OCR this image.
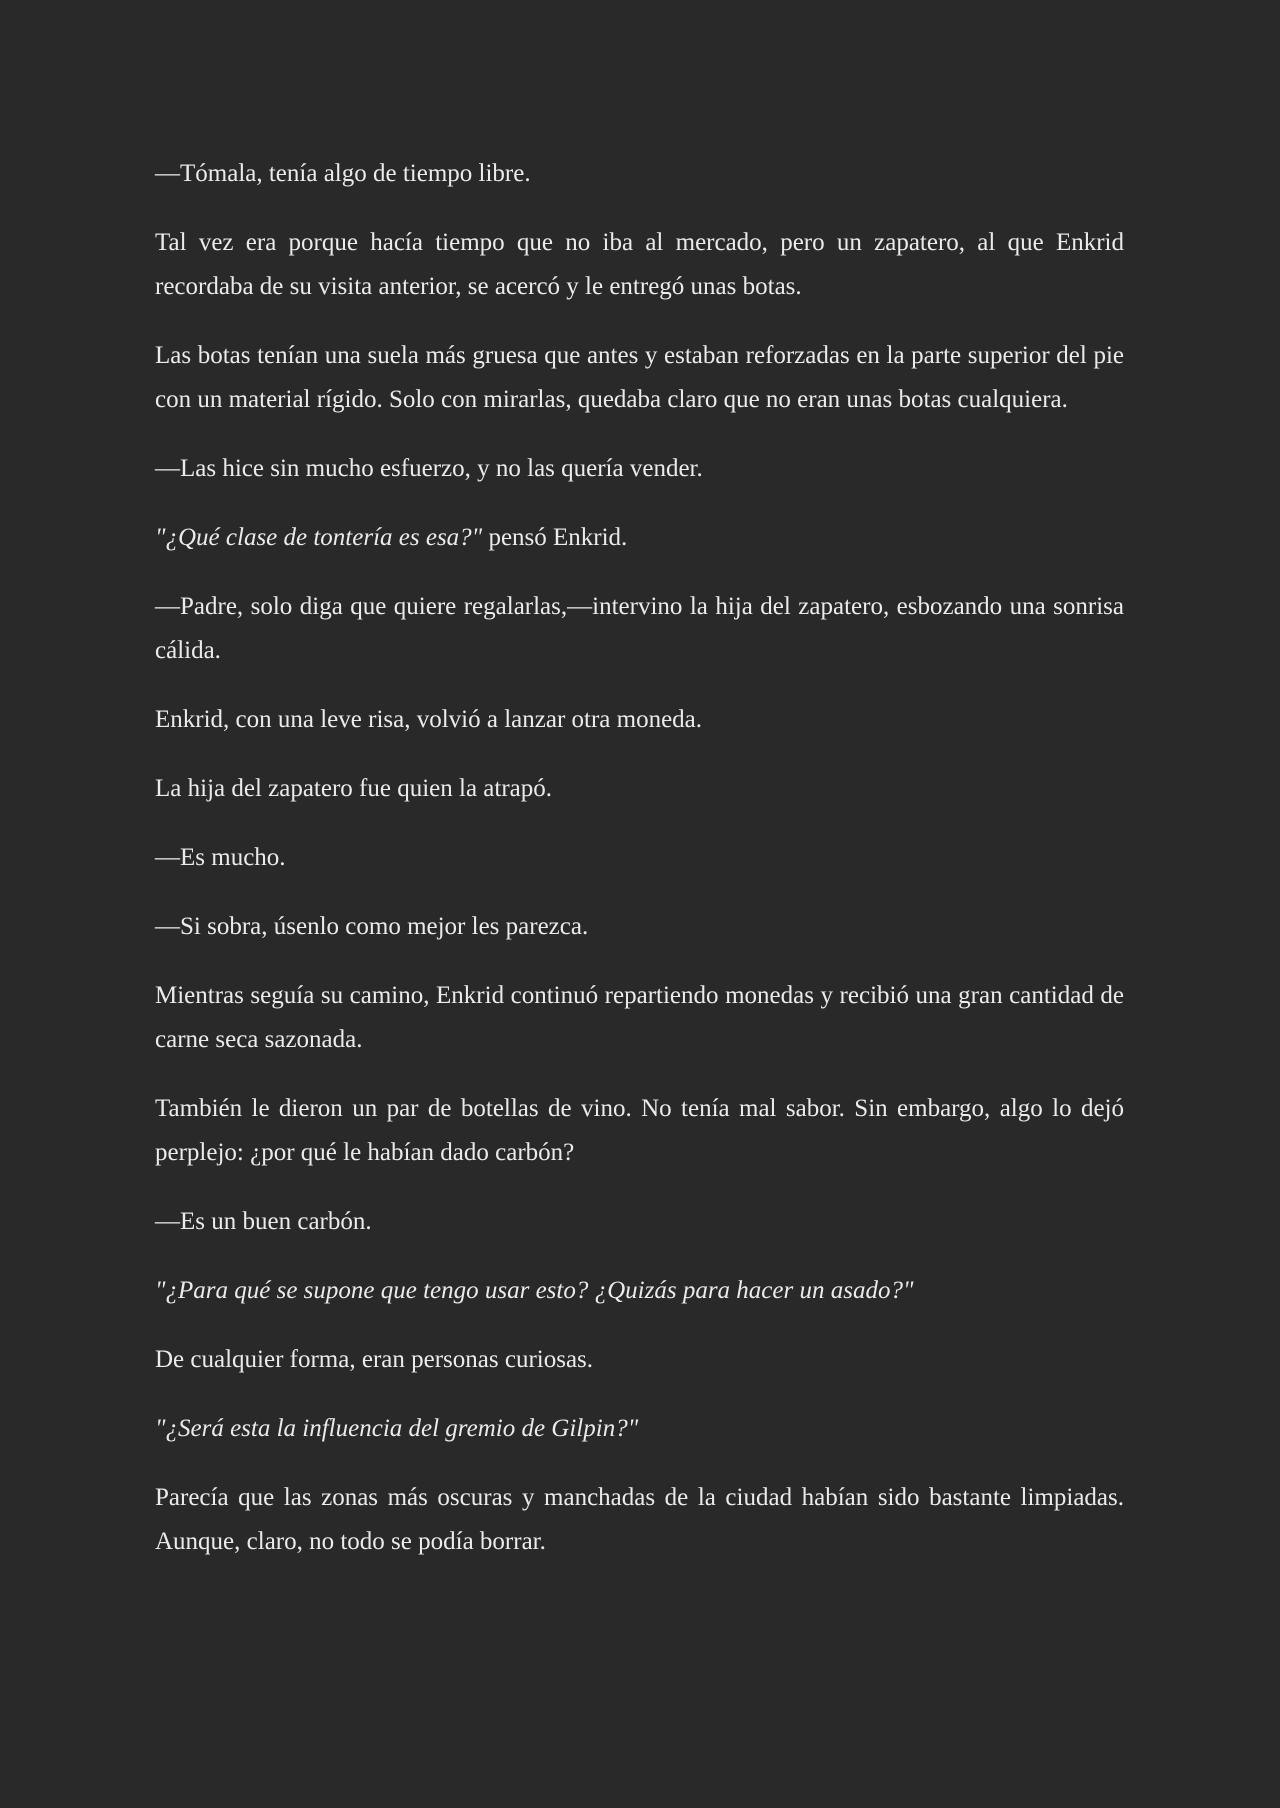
—Tómala, tenía algo de tiempo libre.

Tal vez era porque hacía tiempo que no iba al mercado, pero un zapatero, al que Enkrid recordaba de su visita anterior, se acercó y le entregó unas botas.

Las botas tenían una suela más gruesa que antes y estaban reforzadas en la parte superior del pie con un material rígido. Solo con mirarlas, quedaba claro que no eran unas botas cualquiera.

—Las hice sin mucho esfuerzo, y no las quería vender.

"¿Qué clase de tontería es esa?" pensó Enkrid.

—Padre, solo diga que quiere regalarlas,—intervino la hija del zapatero, esbozando una sonrisa cálida.

Enkrid, con una leve risa, volvió a lanzar otra moneda.

La hija del zapatero fue quien la atrapó.

—Es mucho.

—Si sobra, úsenlo como mejor les parezca.

Mientras seguía su camino, Enkrid continuó repartiendo monedas y recibió una gran cantidad de carne seca sazonada.

También le dieron un par de botellas de vino. No tenía mal sabor. Sin embargo, algo lo dejó perplejo: ¿por qué le habían dado carbón?

—Es un buen carbón.

"¿Para qué se supone que tengo usar esto? ¿Quizás para hacer un asado?"

De cualquier forma, eran personas curiosas.

"¿Será esta la influencia del gremio de Gilpin?"

Parecía que las zonas más oscuras y manchadas de la ciudad habían sido bastante limpiadas. Aunque, claro, no todo se podía borrar.
